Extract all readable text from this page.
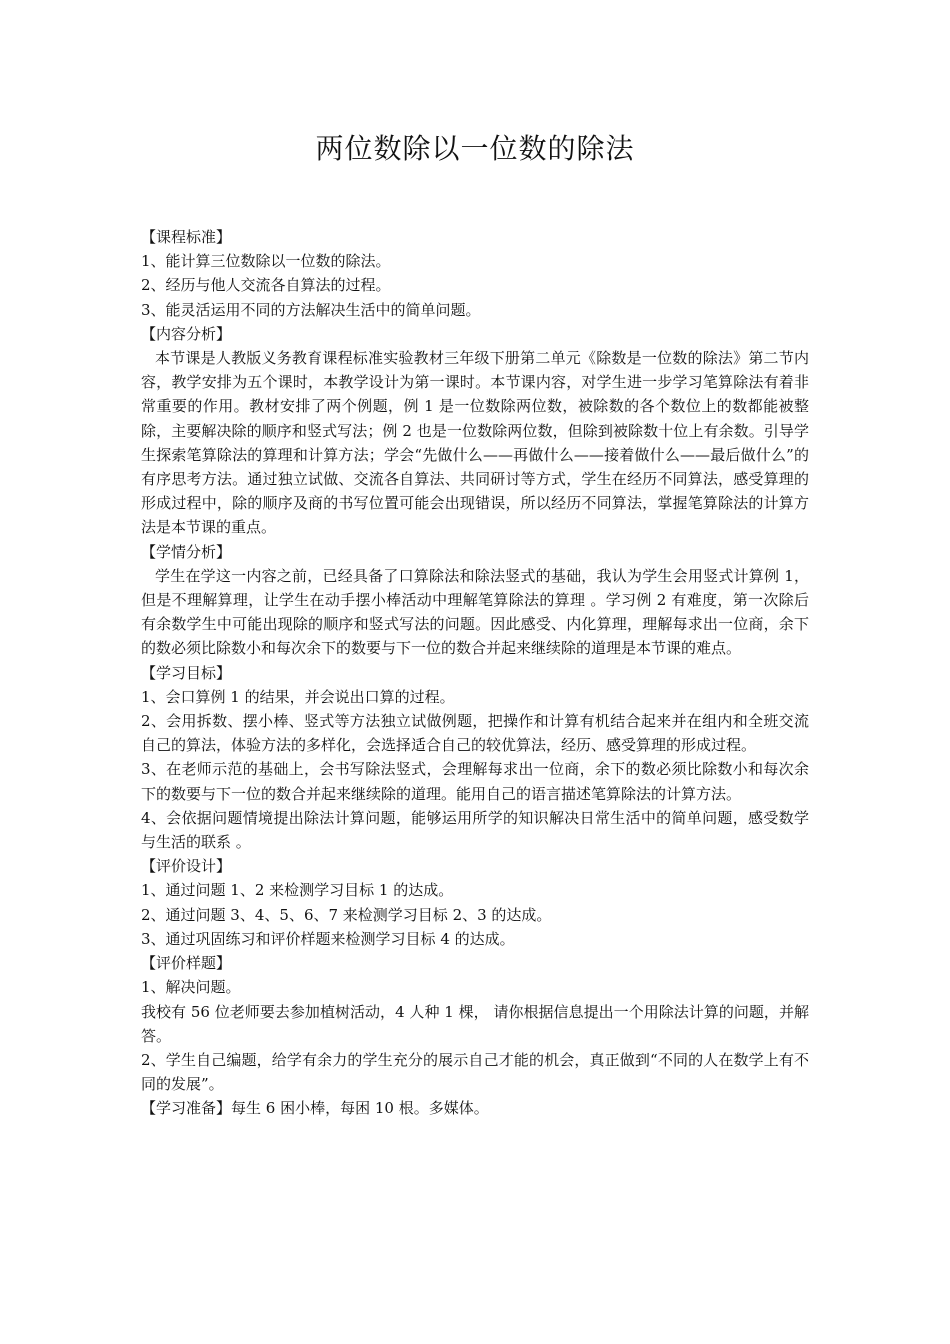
两位数除以一位数的除法

【课程标准】

1、能计算三位数除以一位数的除法。

2、经历与他人交流各自算法的过程。

3、能灵活运用不同的方法解决生活中的简单问题。

【内容分析】

本节课是人教版义务教育课程标准实验教材三年级下册第二单元《除数是一位数的除法》第二节内容，教学安排为五个课时，本教学设计为第一课时。本节课内容，对学生进一步学习笔算除法有着非常重要的作用。教材安排了两个例题，例 1 是一位数除两位数，被除数的各个数位上的数都能被整除，主要解决除的顺序和竖式写法；例 2 也是一位数除两位数，但除到被除数十位上有余数。引导学生探索笔算除法的算理和计算方法；学会“先做什么——再做什么——接着做什么——最后做什么”的有序思考方法。通过独立试做、交流各自算法、共同研讨等方式，学生在经历不同算法，感受算理的形成过程中，除的顺序及商的书写位置可能会出现错误，所以经历不同算法，掌握笔算除法的计算方法是本节课的重点。

【学情分析】

学生在学这一内容之前，已经具备了口算除法和除法竖式的基础，我认为学生会用竖式计算例 1，但是不理解算理，让学生在动手摆小棒活动中理解笔算除法的算理 。学习例 2 有难度，第一次除后有余数学生中可能出现除的顺序和竖式写法的问题。因此感受、内化算理，理解每求出一位商，余下的数必须比除数小和每次余下的数要与下一位的数合并起来继续除的道理是本节课的难点。

【学习目标】

1、会口算例 1 的结果，并会说出口算的过程。

2、会用拆数、摆小棒、竖式等方法独立试做例题，把操作和计算有机结合起来并在组内和全班交流自己的算法，体验方法的多样化，会选择适合自己的较优算法，经历、感受算理的形成过程。

3、在老师示范的基础上，会书写除法竖式，会理解每求出一位商，余下的数必须比除数小和每次余下的数要与下一位的数合并起来继续除的道理。能用自己的语言描述笔算除法的计算方法。

4、会依据问题情境提出除法计算问题，能够运用所学的知识解决日常生活中的简单问题，感受数学与生活的联系 。

【评价设计】

1、通过问题 1、2 来检测学习目标 1 的达成。

2、通过问题 3、4、5、6、7 来检测学习目标 2、3 的达成。

3、通过巩固练习和评价样题来检测学习目标 4 的达成。

【评价样题】

1、解决问题。

我校有 56 位老师要去参加植树活动，4 人种 1 棵， 请你根据信息提出一个用除法计算的问题，并解答。

2、学生自己编题，给学有余力的学生充分的展示自己才能的机会，真正做到“不同的人在数学上有不同的发展”。

【学习准备】每生 6 困小棒，每困 10 根。多媒体。
